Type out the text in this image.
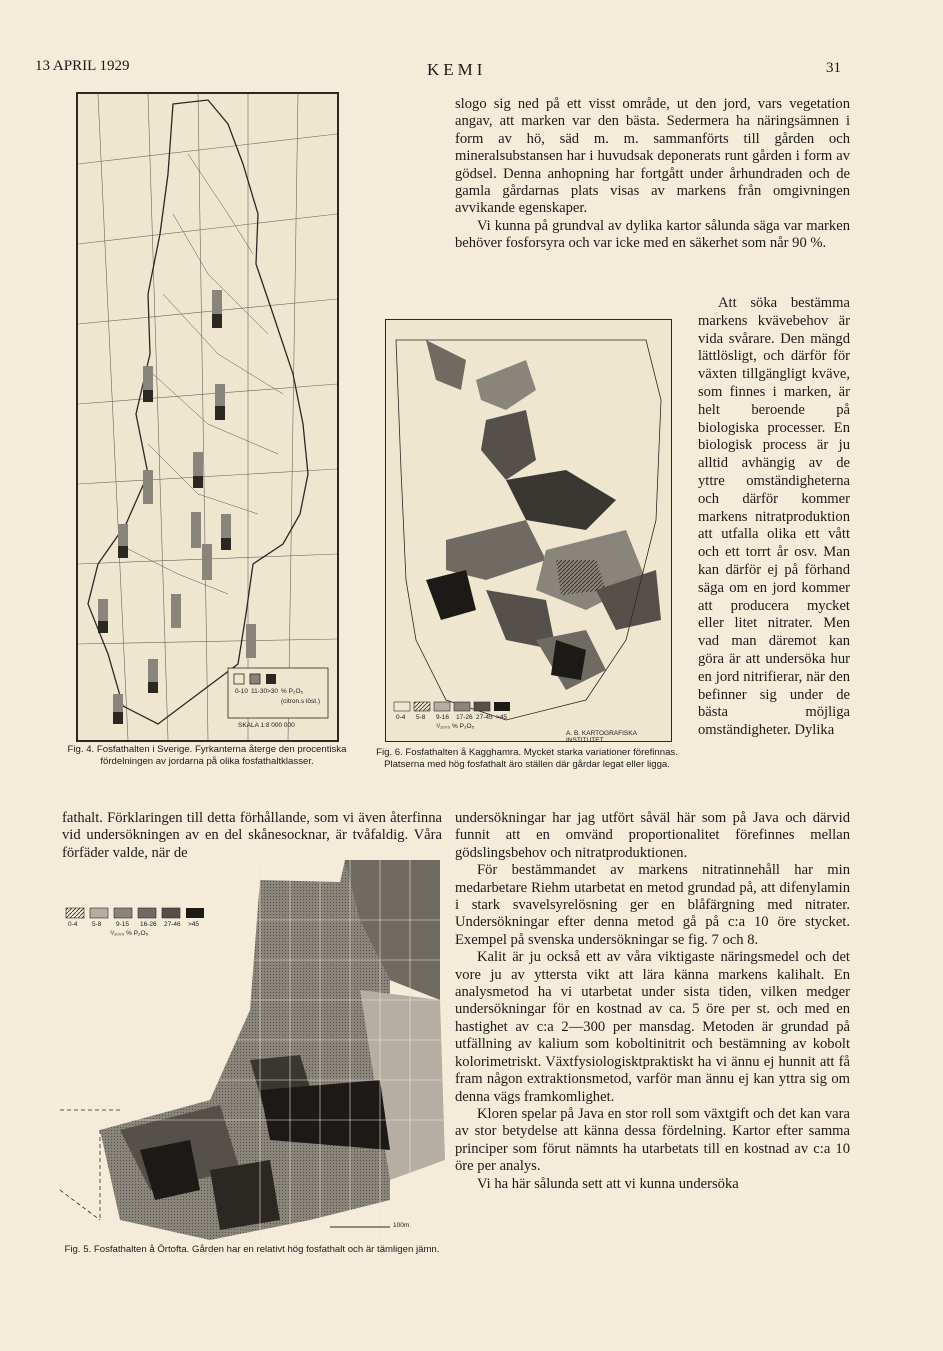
13 APRIL 1929	KEMI	31
0-10 11-30 >30 % P₂O₅
(citron.s löst.)
SKALA 1:8 000 000
Fig. 4. Fosfathalten i Sverige. Fyrkanterna återge den procentiska fördelningen av jordarna på olika fosfathaltklasser.
0-4 5-8 9-16 17-26 27-45 >45
¹/₁₀₀₀ % P₂O₅
A. B. KARTOGRAFISKA INSTITUTET
Fig. 6. Fosfathalten å Kagghamra. Mycket starka variationer förefinnas. Platserna med hög fosfathalt äro ställen där gårdar legat eller ligga.

slogo sig ned på ett visst område, ut den jord, vars vegetation angav, att marken var den bästa. Sedermera ha näringsämnen i form av hö, säd m. m. sammanförts till gården och mineralsubstansen har i huvudsak deponerats runt gården i form av gödsel. Denna anhopning har fortgått under århundraden och de gamla gårdarnas plats visas av markens från omgivningen avvikande egenskaper.

Vi kunna på grundval av dylika kartor sålunda säga var marken behöver fosforsyra och var icke med en säkerhet som når 90 %.

Att söka bestämma markens kvävebehov är vida svårare. Den mängd lättlösligt, och därför för växten tillgängligt kväve, som finnes i marken, är helt beroende på biologiska processer. En biologisk process är ju alltid avhängig av de yttre omständigheterna och därför kommer markens nitratproduktion att utfalla olika ett vått och ett torrt år osv. Man kan därför ej på förhand säga om en jord kommer att producera mycket eller litet nitrater. Men vad man däremot kan göra är att undersöka hur en jord nitrifierar, när den befinner sig under de bästa möjliga omständigheter. Dylika
fathalt. Förklaringen till detta förhållande, som vi även återfinna vid undersökningen av en del skånesocknar, är tvåfaldig. Våra förfäder valde, när de
0-4 5-8 9-15 16-26 27-46 >45
¹/₁₀₀₀ % P₂O₅
100m
Fig. 5. Fosfathalten å Örtofta. Gården har en relativt hög fosfathalt och är tämligen jämn.

undersökningar har jag utfört såväl här som på Java och därvid funnit att en omvänd proportionalitet förefinnes mellan gödslingsbehov och nitratproduktionen.

För bestämmandet av markens nitratinnehåll har min medarbetare Riehm utarbetat en metod grundad på, att difenylamin i stark svavelsyrelösning ger en blåfärgning med nitrater. Undersökningar efter denna metod gå på c:a 10 öre stycket. Exempel på svenska undersökningar se fig. 7 och 8.

Kalit är ju också ett av våra viktigaste näringsmedel och det vore ju av yttersta vikt att lära känna markens kalihalt. En analysmetod ha vi utarbetat under sista tiden, vilken medger undersökningar för en kostnad av ca. 5 öre per st. och med en hastighet av c:a 2—300 per mansdag. Metoden är grundad på utfällning av kalium som koboltinitrit och bestämning av kobolt kolorimetriskt. Växtfysiologisktpraktiskt ha vi ännu ej hunnit att få fram någon extraktionsmetod, varför man ännu ej kan yttra sig om denna vägs framkomlighet.

Kloren spelar på Java en stor roll som växtgift och det kan vara av stor betydelse att känna dessa fördelning. Kartor efter samma principer som förut nämnts ha utarbetats till en kostnad av c:a 10 öre per analys.

Vi ha här sålunda sett att vi kunna undersöka
